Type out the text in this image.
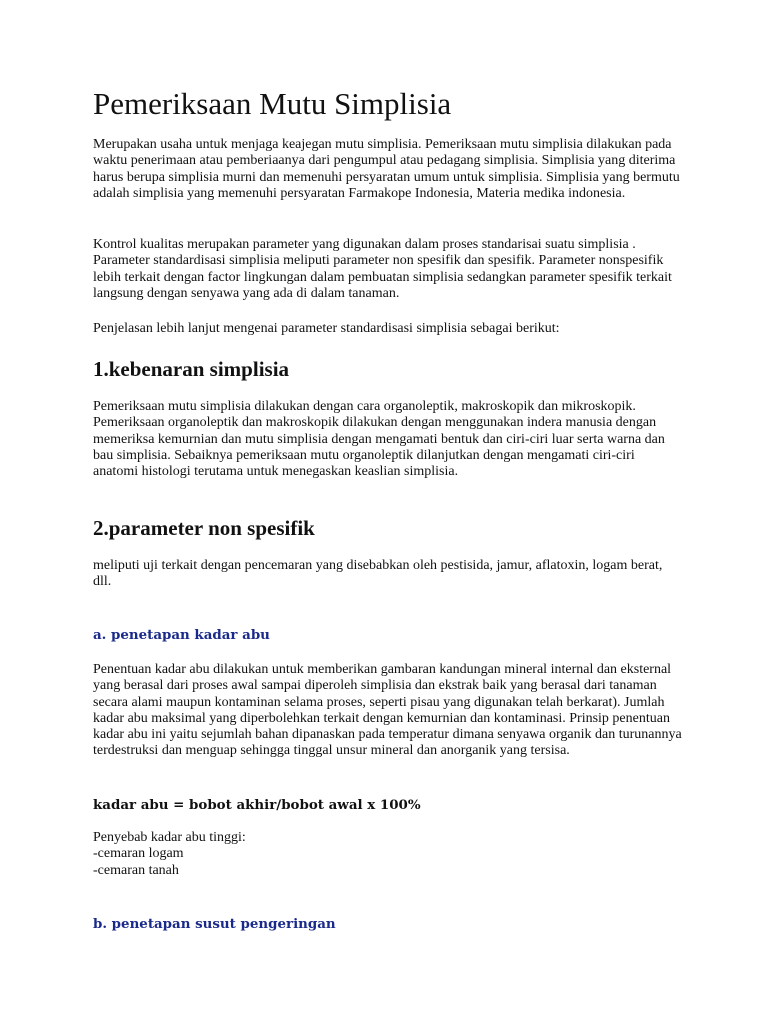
Pemeriksaan Mutu Simplisia

Merupakan usaha untuk menjaga keajegan mutu simplisia. Pemeriksaan mutu simplisia dilakukan pada waktu penerimaan atau pemberiaanya dari pengumpul atau pedagang simplisia. Simplisia yang diterima harus berupa simplisia murni dan memenuhi persyaratan umum untuk simplisia. Simplisia yang bermutu adalah simplisia yang memenuhi persyaratan Farmakope Indonesia, Materia medika indonesia.

Kontrol kualitas merupakan parameter yang digunakan dalam proses standarisai suatu simplisia . Parameter standardisasi simplisia meliputi parameter non spesifik dan spesifik. Parameter nonspesifik lebih terkait dengan factor lingkungan dalam pembuatan simplisia sedangkan parameter spesifik terkait langsung dengan senyawa yang ada di dalam tanaman.

Penjelasan lebih lanjut mengenai parameter standardisasi simplisia sebagai berikut:

1.kebenaran simplisia

Pemeriksaan mutu simplisia dilakukan dengan cara organoleptik, makroskopik dan mikroskopik. Pemeriksaan organoleptik dan makroskopik dilakukan dengan menggunakan indera manusia dengan memeriksa kemurnian dan mutu simplisia dengan mengamati bentuk dan ciri-ciri luar serta warna dan bau simplisia. Sebaiknya pemeriksaan mutu organoleptik dilanjutkan dengan mengamati ciri-ciri anatomi histologi terutama untuk menegaskan keaslian simplisia.

2.parameter non spesifik

meliputi uji terkait dengan pencemaran yang disebabkan oleh pestisida, jamur, aflatoxin, logam berat, dll.

a. penetapan kadar abu

Penentuan kadar abu dilakukan untuk memberikan gambaran kandungan mineral internal dan eksternal yang berasal dari proses awal sampai diperoleh simplisia dan ekstrak baik yang berasal dari tanaman secara alami maupun kontaminan selama proses, seperti pisau yang digunakan telah berkarat). Jumlah kadar abu maksimal yang diperbolehkan terkait dengan kemurnian dan kontaminasi. Prinsip penentuan kadar abu ini yaitu sejumlah bahan dipanaskan pada temperatur dimana senyawa organik dan turunannya terdestruksi dan menguap sehingga tinggal unsur mineral dan anorganik yang tersisa.

kadar abu = bobot akhir/bobot awal x 100%

Penyebab kadar abu tinggi:

-cemaran logam

-cemaran tanah

b. penetapan susut pengeringan
